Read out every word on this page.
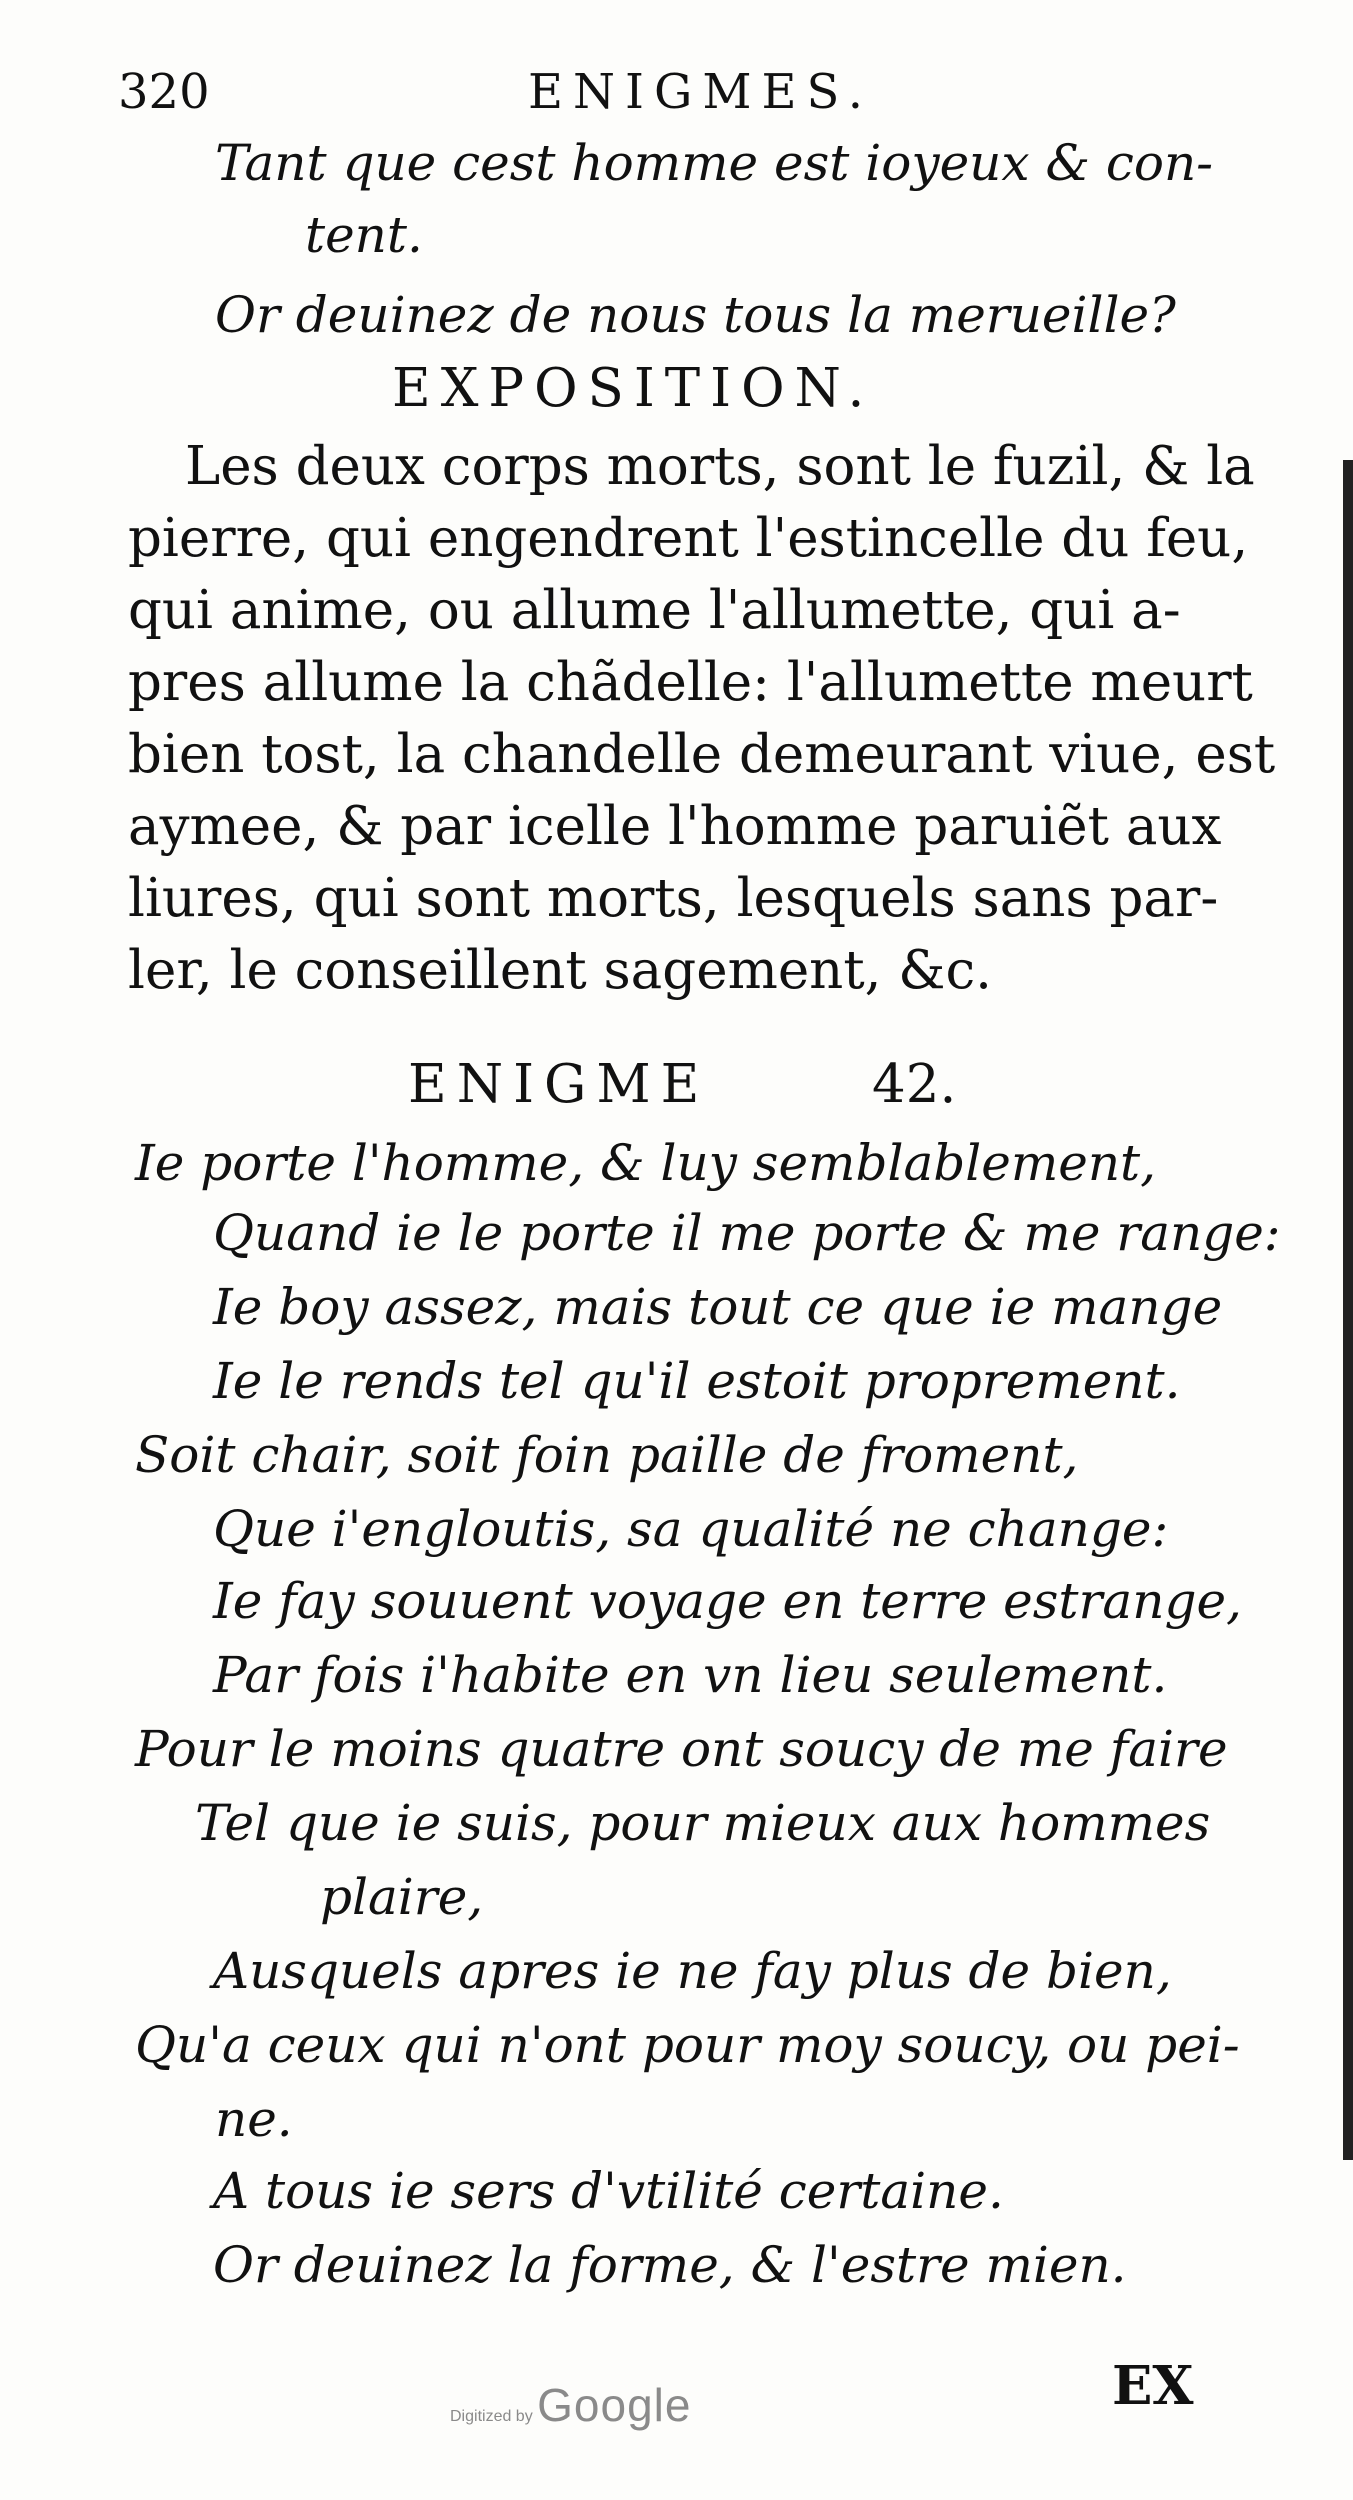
320	ENIGMES.
Tant que cest homme est ioyeux & con-
tent.
Or deuinez de nous tous la merueille?
EXPOSITION.
Les deux corps morts, sont le fuzil, & la
pierre, qui engendrent l'estincelle du feu,
qui anime, ou allume l'allumette, qui a-
pres allume la chãdelle: l'allumette meurt
bien tost, la chandelle demeurant viue, est
aymee, & par icelle l'homme paruiẽt aux
liures, qui sont morts, lesquels sans par-
ler, le conseillent sagement, &c.
ENIGME	42.
Ie porte l'homme, & luy semblablement,
Quand ie le porte il me porte & me range:
Ie boy assez, mais tout ce que ie mange
Ie le rends tel qu'il estoit proprement.
Soit chair, soit foin paille de froment,
Que i'engloutis, sa qualité ne change:
Ie fay souuent voyage en terre estrange,
Par fois i'habite en vn lieu seulement.
Pour le moins quatre ont soucy de me faire
Tel que ie suis, pour mieux aux hommes
plaire,
Ausquels apres ie ne fay plus de bien,
Qu'a ceux qui n'ont pour moy soucy, ou pei-
ne.
A tous ie sers d'vtilité certaine.
Or deuinez la forme, & l'estre mien.
EX
Digitized by Google
